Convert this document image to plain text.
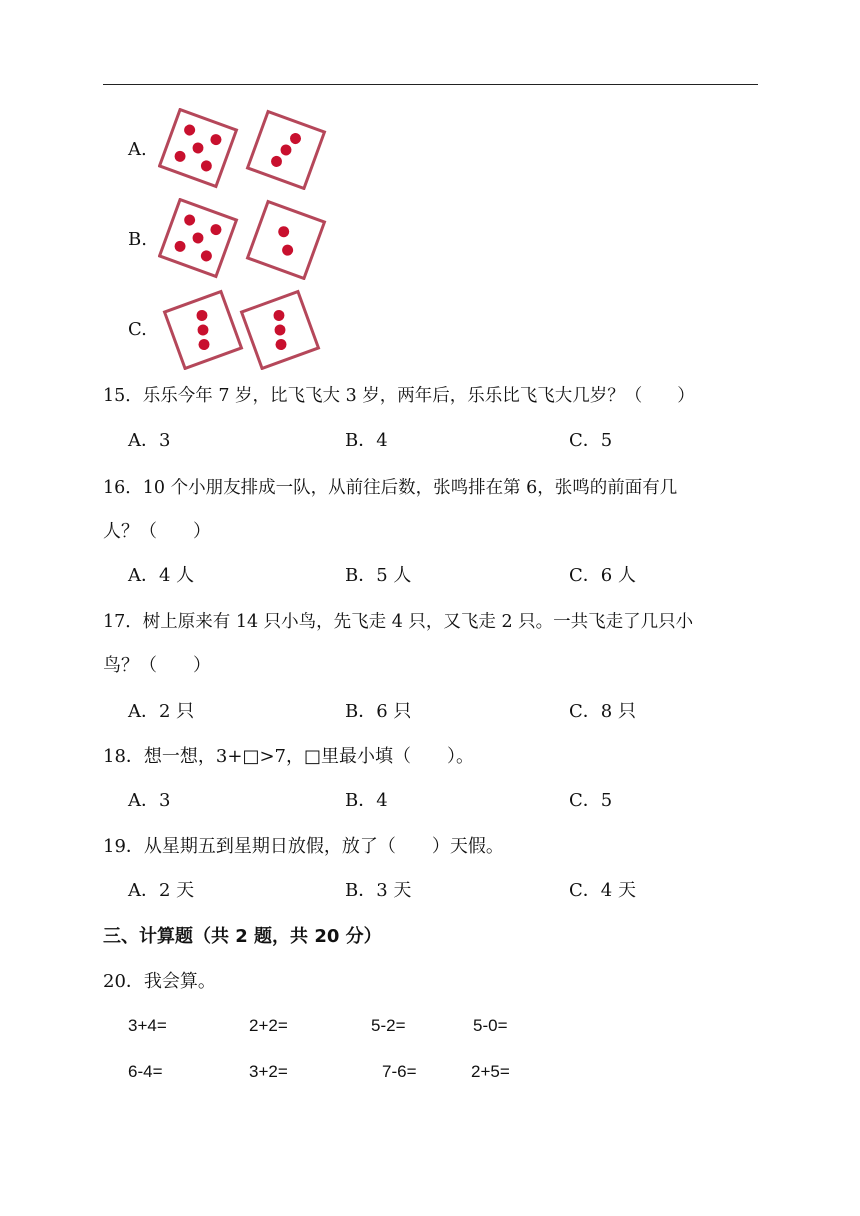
A.
B.
C.
15．乐乐今年 7 岁，比飞飞大 3 岁，两年后，乐乐比飞飞大几岁？（　　）
A．3	B．4	C．5
16．10 个小朋友排成一队，从前往后数，张鸣排在第 6，张鸣的前面有几
人？（　　）
A．4 人	B．5 人	C．6 人
17．树上原来有 14 只小鸟，先飞走 4 只，又飞走 2 只。一共飞走了几只小
鸟？（　　）
A．2 只	B．6 只	C．8 只
18．想一想，3+□>7，□里最小填（　　）。
A．3	B．4	C．5
19．从星期五到星期日放假，放了（　　）天假。
A．2 天	B．3 天	C．4 天
三、计算题（共 2 题，共 20 分）
20．我会算。
3+4=	2+2=	5-2=	5-0=
6-4=	3+2=	7-6=	2+5=
